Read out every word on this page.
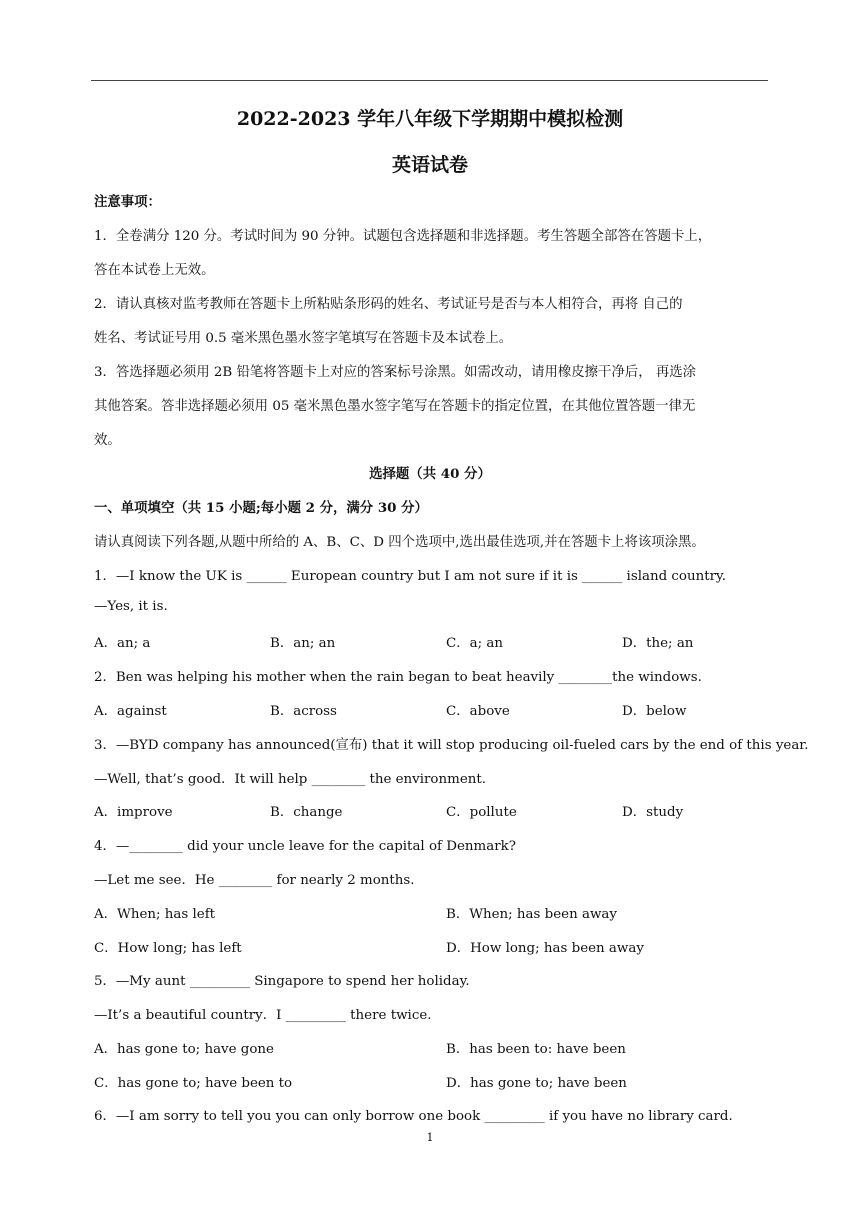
2022-2023 学年八年级下学期期中模拟检测
英语试卷
注意事项：
1．全卷满分 120 分。考试时间为 90 分钟。试题包含选择题和非选择题。考生答题全部答在答题卡上，
答在本试卷上无效。
2．请认真核对监考教师在答题卡上所粘贴条形码的姓名、考试证号是否与本人相符合，再将 自己的
姓名、考试证号用 0.5 毫米黑色墨水签字笔填写在答题卡及本试卷上。
3．答选择题必须用 2B 铅笔将答题卡上对应的答案标号涂黑。如需改动，请用橡皮擦干净后， 再选涂
其他答案。答非选择题必须用 05 毫米黑色墨水签字笔写在答题卡的指定位置，在其他位置答题一律无
效。
选择题（共 40 分）
一、单项填空（共 15 小题;每小题 2 分，满分 30 分）
请认真阅读下列各题,从题中所给的 A、B、C、D 四个选项中,选出最佳选项,并在答题卡上将该项涂黑。
1．—I know the UK is ______ European country but I am not sure if it is ______ island country.
—Yes, it is.
A．an; a	B．an; an	C．a; an	D．the; an
2．Ben was helping his mother when the rain began to beat heavily ________the windows.
A．against	B．across	C．above	D．below
3．—BYD company has announced(宣布) that it will stop producing oil-fueled cars by the end of this year.
—Well, that’s good．It will help ________ the environment.
A．improve	B．change	C．pollute	D．study
4．—________ did your uncle leave for the capital of Denmark?
—Let me see．He ________ for nearly 2 months.
A．When; has left	B．When; has been away
C．How long; has left	D．How long; has been away
5．—My aunt _________ Singapore to spend her holiday.
—It’s a beautiful country．I _________ there twice.
A．has gone to; have gone	B．has been to: have been
C．has gone to; have been to	D．has gone to; have been
6．—I am sorry to tell you you can only borrow one book _________ if you have no library card.
1
